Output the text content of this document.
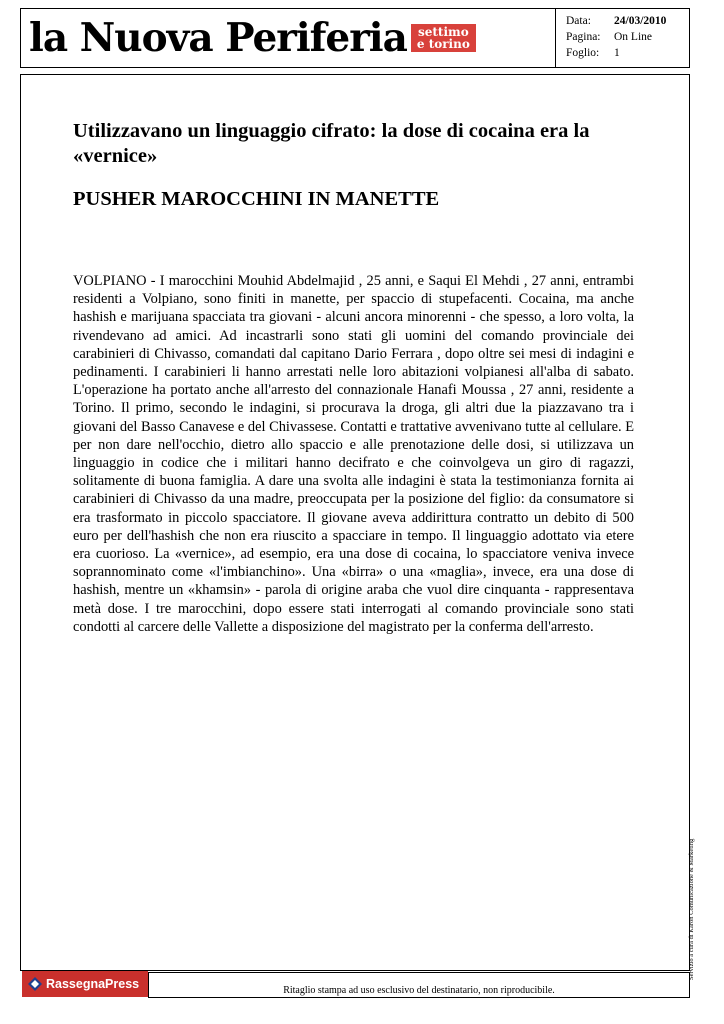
la Nuova Periferia settimo
e torino
Data:	24/03/2010
Pagina:	On Line
Foglio:	1
Utilizzavano un linguaggio cifrato: la dose di cocaina era la «vernice»
PUSHER MAROCCHINI IN MANETTE
VOLPIANO - I marocchini Mouhid Abdelmajid , 25 anni, e Saqui El Mehdi , 27 anni, entrambi residenti a Volpiano, sono finiti in manette, per spaccio di stupefacenti. Cocaina, ma anche hashish e marijuana spacciata tra giovani - alcuni ancora minorenni - che spesso, a loro volta, la rivendevano ad amici. Ad incastrarli sono stati gli uomini del comando provinciale dei carabinieri di Chivasso, comandati dal capitano Dario Ferrara , dopo oltre sei mesi di indagini e pedinamenti. I carabinieri li hanno arrestati nelle loro abitazioni volpianesi all'alba di sabato. L'operazione ha portato anche all'arresto del connazionale Hanafi Moussa , 27 anni, residente a Torino. Il primo, secondo le indagini, si procurava la droga, gli altri due la piazzavano tra i giovani del Basso Canavese e del Chivassese. Contatti e trattative avvenivano tutte al cellulare. E per non dare nell'occhio, dietro allo spaccio e alle prenotazione delle dosi, si utilizzava un linguaggio in codice che i militari hanno decifrato e che coinvolgeva un giro di ragazzi, solitamente di buona famiglia. A dare una svolta alle indagini è stata la testimonianza fornita ai carabinieri di Chivasso da una madre, preoccupata per la posizione del figlio: da consumatore si era trasformato in piccolo spacciatore. Il giovane aveva addirittura contratto un debito di 500 euro per dell'hashish che non era riuscito a spacciare in tempo. Il linguaggio adottato via etere era cuorioso. La «vernice», ad esempio, era una dose di cocaina, lo spacciatore veniva invece soprannominato come «l'imbianchino». Una «birra» o una «maglia», invece, era una dose di hashish, mentre un «khamsin» - parola di origine araba che vuol dire cinquanta - rappresentava metà dose. I tre marocchini, dopo essere stati interrogati al comando provinciale sono stati condotti al carcere delle Vallette a disposizione del magistrato per la conferma dell'arresto.
Servizio a cura di Karon Comunicazione & Marketing
Ritaglio stampa ad uso esclusivo del destinatario, non riproducibile.
RassegnaPress
